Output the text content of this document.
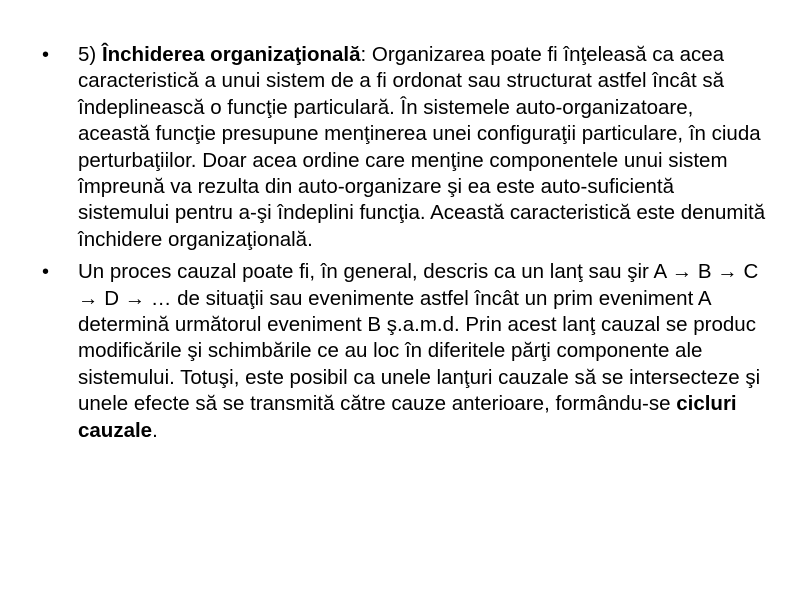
• 5) Închiderea organizaţională: Organizarea poate fi înţeleasă ca acea caracteristică a unui sistem de a fi ordonat sau structurat astfel încât să îndeplinească o funcţie particulară. În sistemele auto-organizatoare, această funcţie presupune menţinerea unei configuraţii particulare, în ciuda perturbaţiilor. Doar acea ordine care menţine componentele unui sistem împreună va rezulta din auto-organizare şi ea este auto-suficientă sistemului pentru a-şi îndeplini funcţia. Această caracteristică este denumită închidere organizaţională.
• Un proces cauzal poate fi, în general, descris ca un lanţ sau şir A → B → C → D → … de situaţii sau evenimente astfel încât un prim eveniment A determină următorul eveniment B ş.a.m.d. Prin acest lanţ cauzal se produc modificările şi schimbările ce au loc în diferitele părţi componente ale sistemului. Totuşi, este posibil ca unele lanţuri cauzale să se intersecteze şi unele efecte să se transmită către cauze anterioare, formându-se cicluri cauzale.
